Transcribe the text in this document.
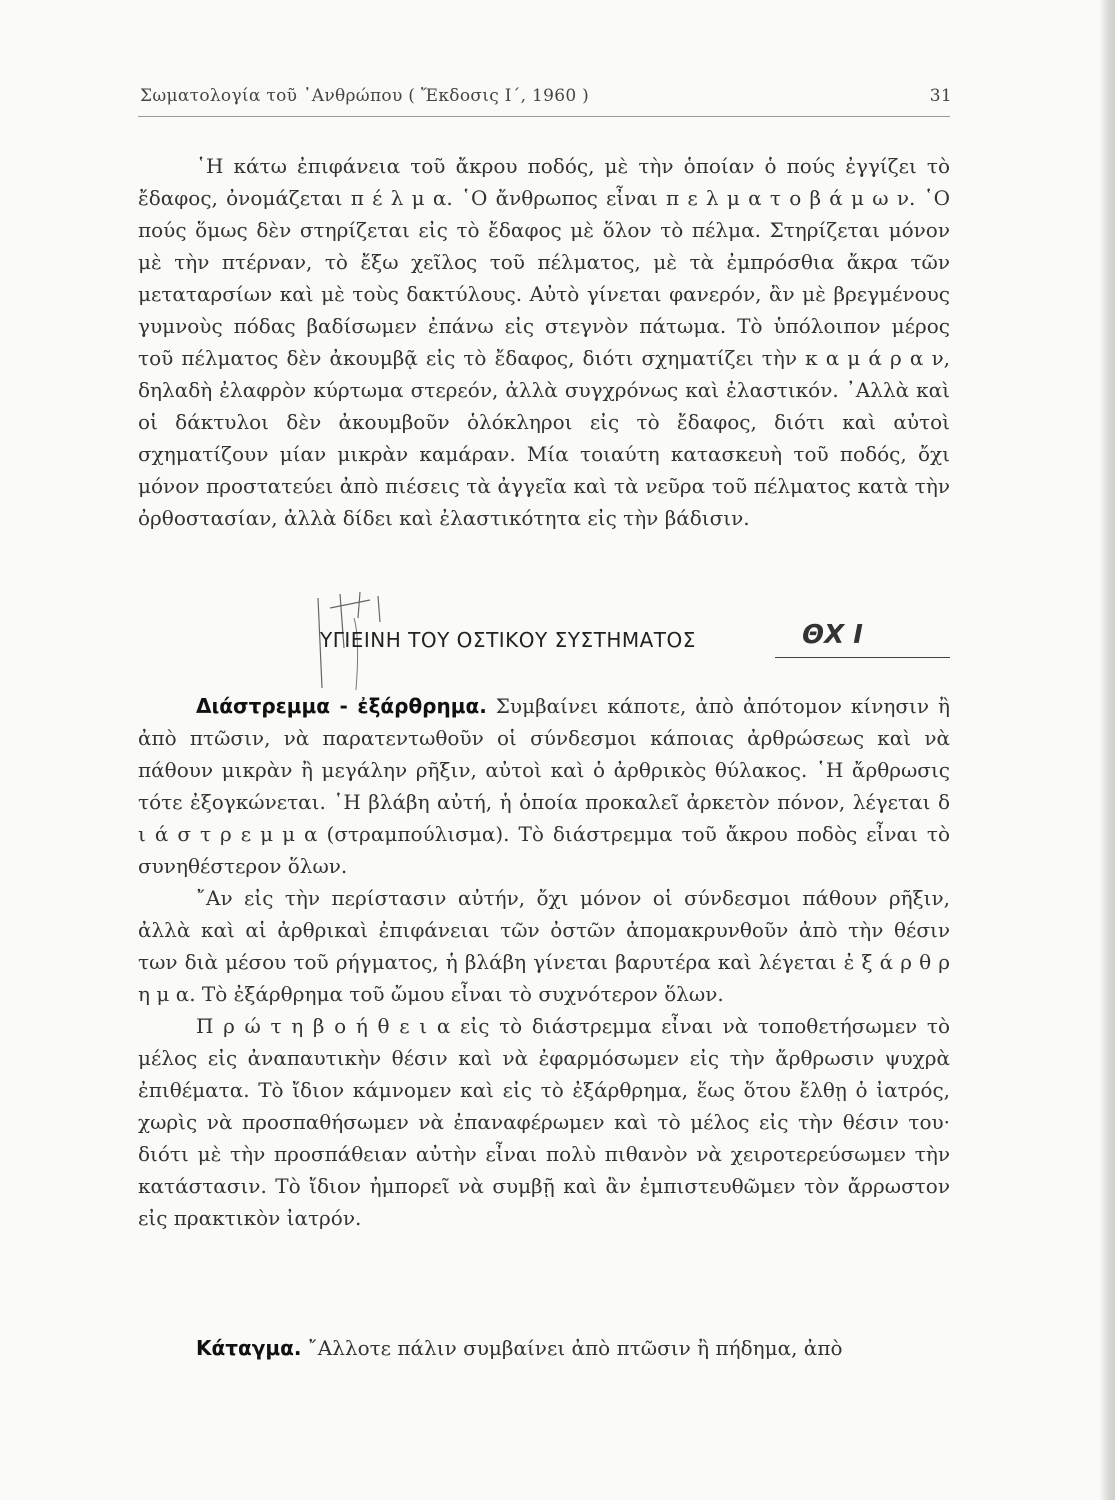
Σωματολογία τοῦ ᾿Ανθρώπου ( Ἔκδοσις Ι΄, 1960 )	31

῾Η κάτω ἐπιφάνεια τοῦ ἄκρου ποδός, μὲ τὴν ὁποίαν ὁ πούς ἐγγίζει τὸ ἔδαφος, ὀνομάζεται π έ λ μ α. ῾Ο ἄνθρωπος εἶναι π ε λ μ α τ ο β ά μ ω ν. ῾Ο πούς ὅμως δὲν στηρίζεται εἰς τὸ ἔδαφος μὲ ὅλον τὸ πέλμα. Στηρίζεται μόνον μὲ τὴν πτέρναν, τὸ ἔξω χεῖλος τοῦ πέλματος, μὲ τὰ ἐμπρόσθια ἄκρα τῶν μεταταρσίων καὶ μὲ τοὺς δακτύλους. Αὐτὸ γίνεται φανερόν, ἂν μὲ βρεγμένους γυμνοὺς πόδας βαδίσωμεν ἐπάνω εἰς στεγνὸν πάτωμα. Τὸ ὑπόλοιπον μέρος τοῦ πέλματος δὲν ἀκουμβᾷ εἰς τὸ ἔδαφος, διότι σχηματίζει τὴν κ α μ ά ρ α ν, δηλαδὴ ἐλαφρὸν κύρτωμα στερεόν, ἀλλὰ συγχρόνως καὶ ἐλαστικόν. ᾿Αλλὰ καὶ οἱ δάκτυλοι δὲν ἀκουμβοῦν ὁλόκληροι εἰς τὸ ἔδαφος, διότι καὶ αὐτοὶ σχηματίζουν μίαν μικρὰν καμάραν. Μία τοιαύτη κατασκευὴ τοῦ ποδός, ὄχι μόνον προστατεύει ἀπὸ πιέσεις τὰ ἀγγεῖα καὶ τὰ νεῦρα τοῦ πέλματος κατὰ τὴν ὀρθοστασίαν, ἀλλὰ δίδει καὶ ἐλαστικότητα εἰς τὴν βάδισιν.

ΥΓΙΕΙΝΗ ΤΟΥ ΟΣΤΙΚΟΥ ΣΥΣΤΗΜΑΤΟΣ	ΘΧ Ι

Διάστρεμμα - ἐξάρθρημα. Συμβαίνει κάποτε, ἀπὸ ἀπότομον κίνησιν ἢ ἀπὸ πτῶσιν, νὰ παρατεντωθοῦν οἱ σύνδεσμοι κάποιας ἀρθρώσεως καὶ νὰ πάθουν μικρὰν ἢ μεγάλην ρῆξιν, αὐτοὶ καὶ ὁ ἀρθρικὸς θύλακος. ῾Η ἄρθρωσις τότε ἐξογκώνεται. ῾Η βλάβη αὐτή, ἡ ὁποία προκαλεῖ ἀρκετὸν πόνον, λέγεται δ ι ά σ τ ρ ε μ μ α (στραμπούλισμα). Τὸ διάστρεμμα τοῦ ἄκρου ποδὸς εἶναι τὸ συνηθέστερον ὅλων.

῎Αν εἰς τὴν περίστασιν αὐτήν, ὄχι μόνον οἱ σύνδεσμοι πάθουν ρῆξιν, ἀλλὰ καὶ αἱ ἀρθρικαὶ ἐπιφάνειαι τῶν ὀστῶν ἀπομακρυνθοῦν ἀπὸ τὴν θέσιν των διὰ μέσου τοῦ ρήγματος, ἡ βλάβη γίνεται βαρυτέρα καὶ λέγεται ἐ ξ ά ρ θ ρ η μ α. Τὸ ἐξάρθρημα τοῦ ὤμου εἶναι τὸ συχνότερον ὅλων.

Π ρ ώ τ η β ο ή θ ε ι α εἰς τὸ διάστρεμμα εἶναι νὰ τοποθετήσωμεν τὸ μέλος εἰς ἀναπαυτικὴν θέσιν καὶ νὰ ἐφαρμόσωμεν εἰς τὴν ἄρθρωσιν ψυχρὰ ἐπιθέματα. Τὸ ἴδιον κάμνομεν καὶ εἰς τὸ ἐξάρθρημα, ἕως ὅτου ἔλθῃ ὁ ἰατρός, χωρὶς νὰ προσπαθήσωμεν νὰ ἐπαναφέρωμεν καὶ τὸ μέλος εἰς τὴν θέσιν του· διότι μὲ τὴν προσπάθειαν αὐτὴν εἶναι πολὺ πιθανὸν νὰ χειροτερεύσωμεν τὴν κατάστασιν. Τὸ ἴδιον ἠμπορεῖ νὰ συμβῇ καὶ ἂν ἐμπιστευθῶμεν τὸν ἄρρωστον εἰς πρακτικὸν ἰατρόν.

Κάταγμα. ῎Αλλοτε πάλιν συμβαίνει ἀπὸ πτῶσιν ἢ πήδημα, ἀπὸ
